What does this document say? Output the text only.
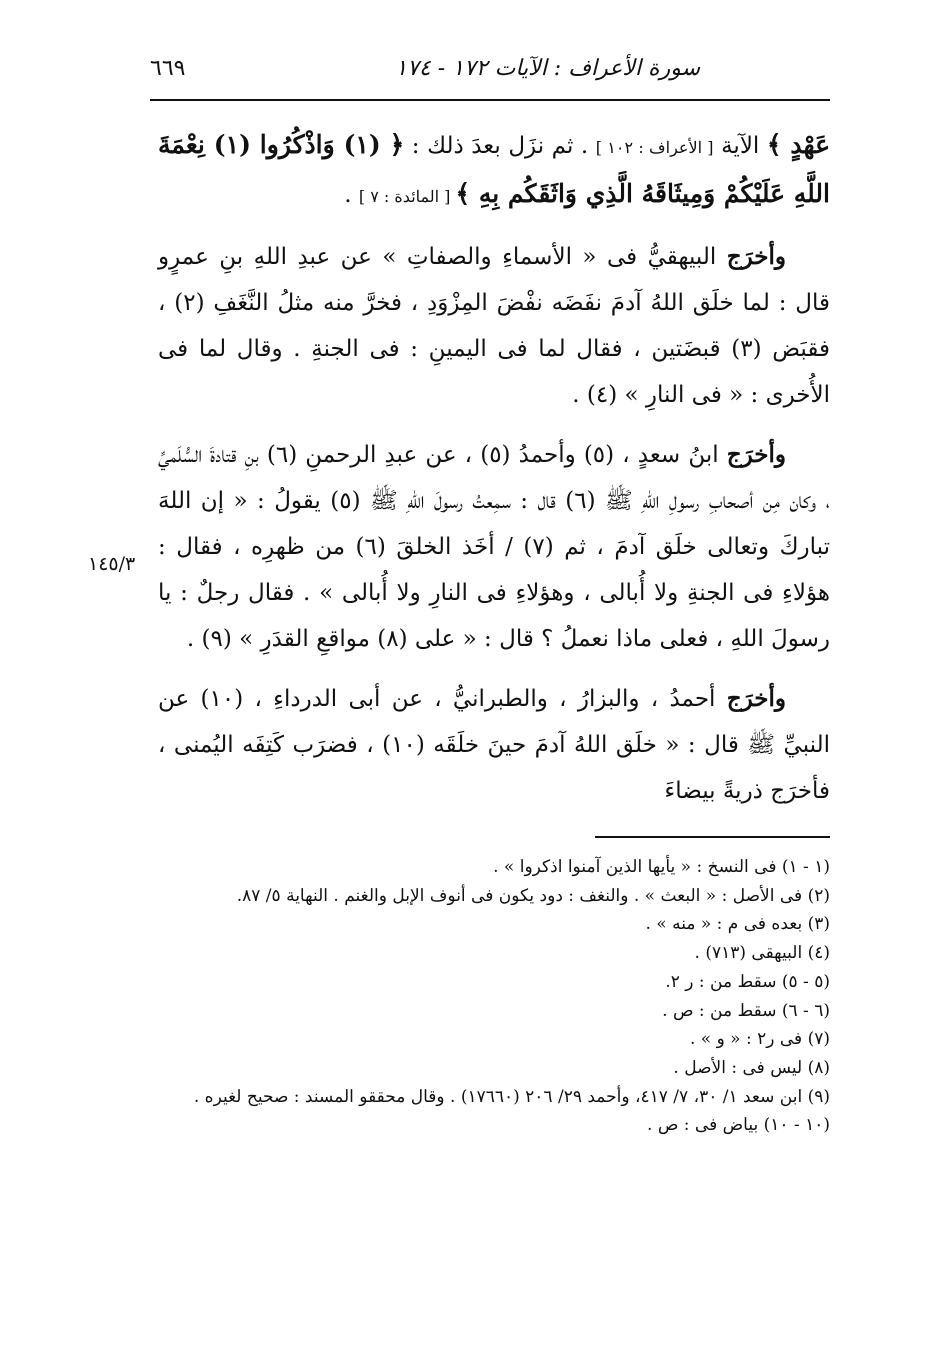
سورة الأعراف : الآيات ١٧٢ - ١٧٤
٦٦٩

عَهْدٍ ﴾ الآية [ الأعراف : ١٠٢ ] . ثم نزَل بعدَ ذلك : ﴿ (١) وَاذْكُرُوا (١) نِعْمَةَ اللَّهِ عَلَيْكُمْ وَمِيثَاقَهُ الَّذِي وَاثَقَكُم بِهِ ﴾ [ المائدة : ٧ ] .

وأخرَج البيهقيُّ فى « الأسماءِ والصفاتِ » عن عبدِ اللهِ بنِ عمرٍو قال : لما خلَق اللهُ آدمَ نفَضَه نفْضَ المِزْوَدِ ، فخرَّ منه مثلُ النَّغَفِ (٢) ، فقبَض (٣) قبضَتين ، فقال لما فى اليمينِ : فى الجنةِ . وقال لما فى الأُخرى : « فى النارِ » (٤) .

وأخرَج ابنُ سعدٍ ، (٥) وأحمدُ (٥) ، عن عبدِ الرحمنِ (٦) بنِ قتادةَ السُّلَميِّ ، وكان مِن أصحابِ رسولِ اللهِ ﷺ (٦) قال : سمِعتُ رسولَ اللهِ ﷺ (٥) يقولُ : « إن اللهَ تباركَ وتعالى خلَق آدمَ ، ثم (٧) / أخَذ الخلقَ (٦) من ظهرِه ، فقال : هؤلاءِ فى الجنةِ ولا أُبالى ، وهؤلاءِ فى النارِ ولا أُبالى » . فقال رجلٌ : يا رسولَ اللهِ ، فعلى ماذا نعملُ ؟ قال : « على (٨) مواقعِ القدَرِ » (٩) .

وأخرَج أحمدُ ، والبزارُ ، والطبرانيُّ ، عن أبى الدرداءِ ، (١٠) عن النبيِّ ﷺ قال : « خلَق اللهُ آدمَ حينَ خلَقَه (١٠) ، فضرَب كَتِفَه اليُمنى ، فأخرَج ذريةً بيضاءَ

١٤٥/٣
(١ - ١) فى النسخ : « يأيها الذين آمنوا اذكروا » .
(٢) فى الأصل : « البعث » . والنغف : دود يكون فى أنوف الإبل والغنم . النهاية ٥/ ٨٧.
(٣) بعده فى م : « منه » .
(٤) البيهقى (٧١٣) .
(٥ - ٥) سقط من : ر ٢.
(٦ - ٦) سقط من : ص .
(٧) فى ر٢ : « و » .
(٨) ليس فى : الأصل .
(٩) ابن سعد ١/ ٣٠، ٧/ ٤١٧، وأحمد ٢٩/ ٢٠٦ (١٧٦٦٠) . وقال محققو المسند : صحيح لغيره .
(١٠ - ١٠) بياض فى : ص .
